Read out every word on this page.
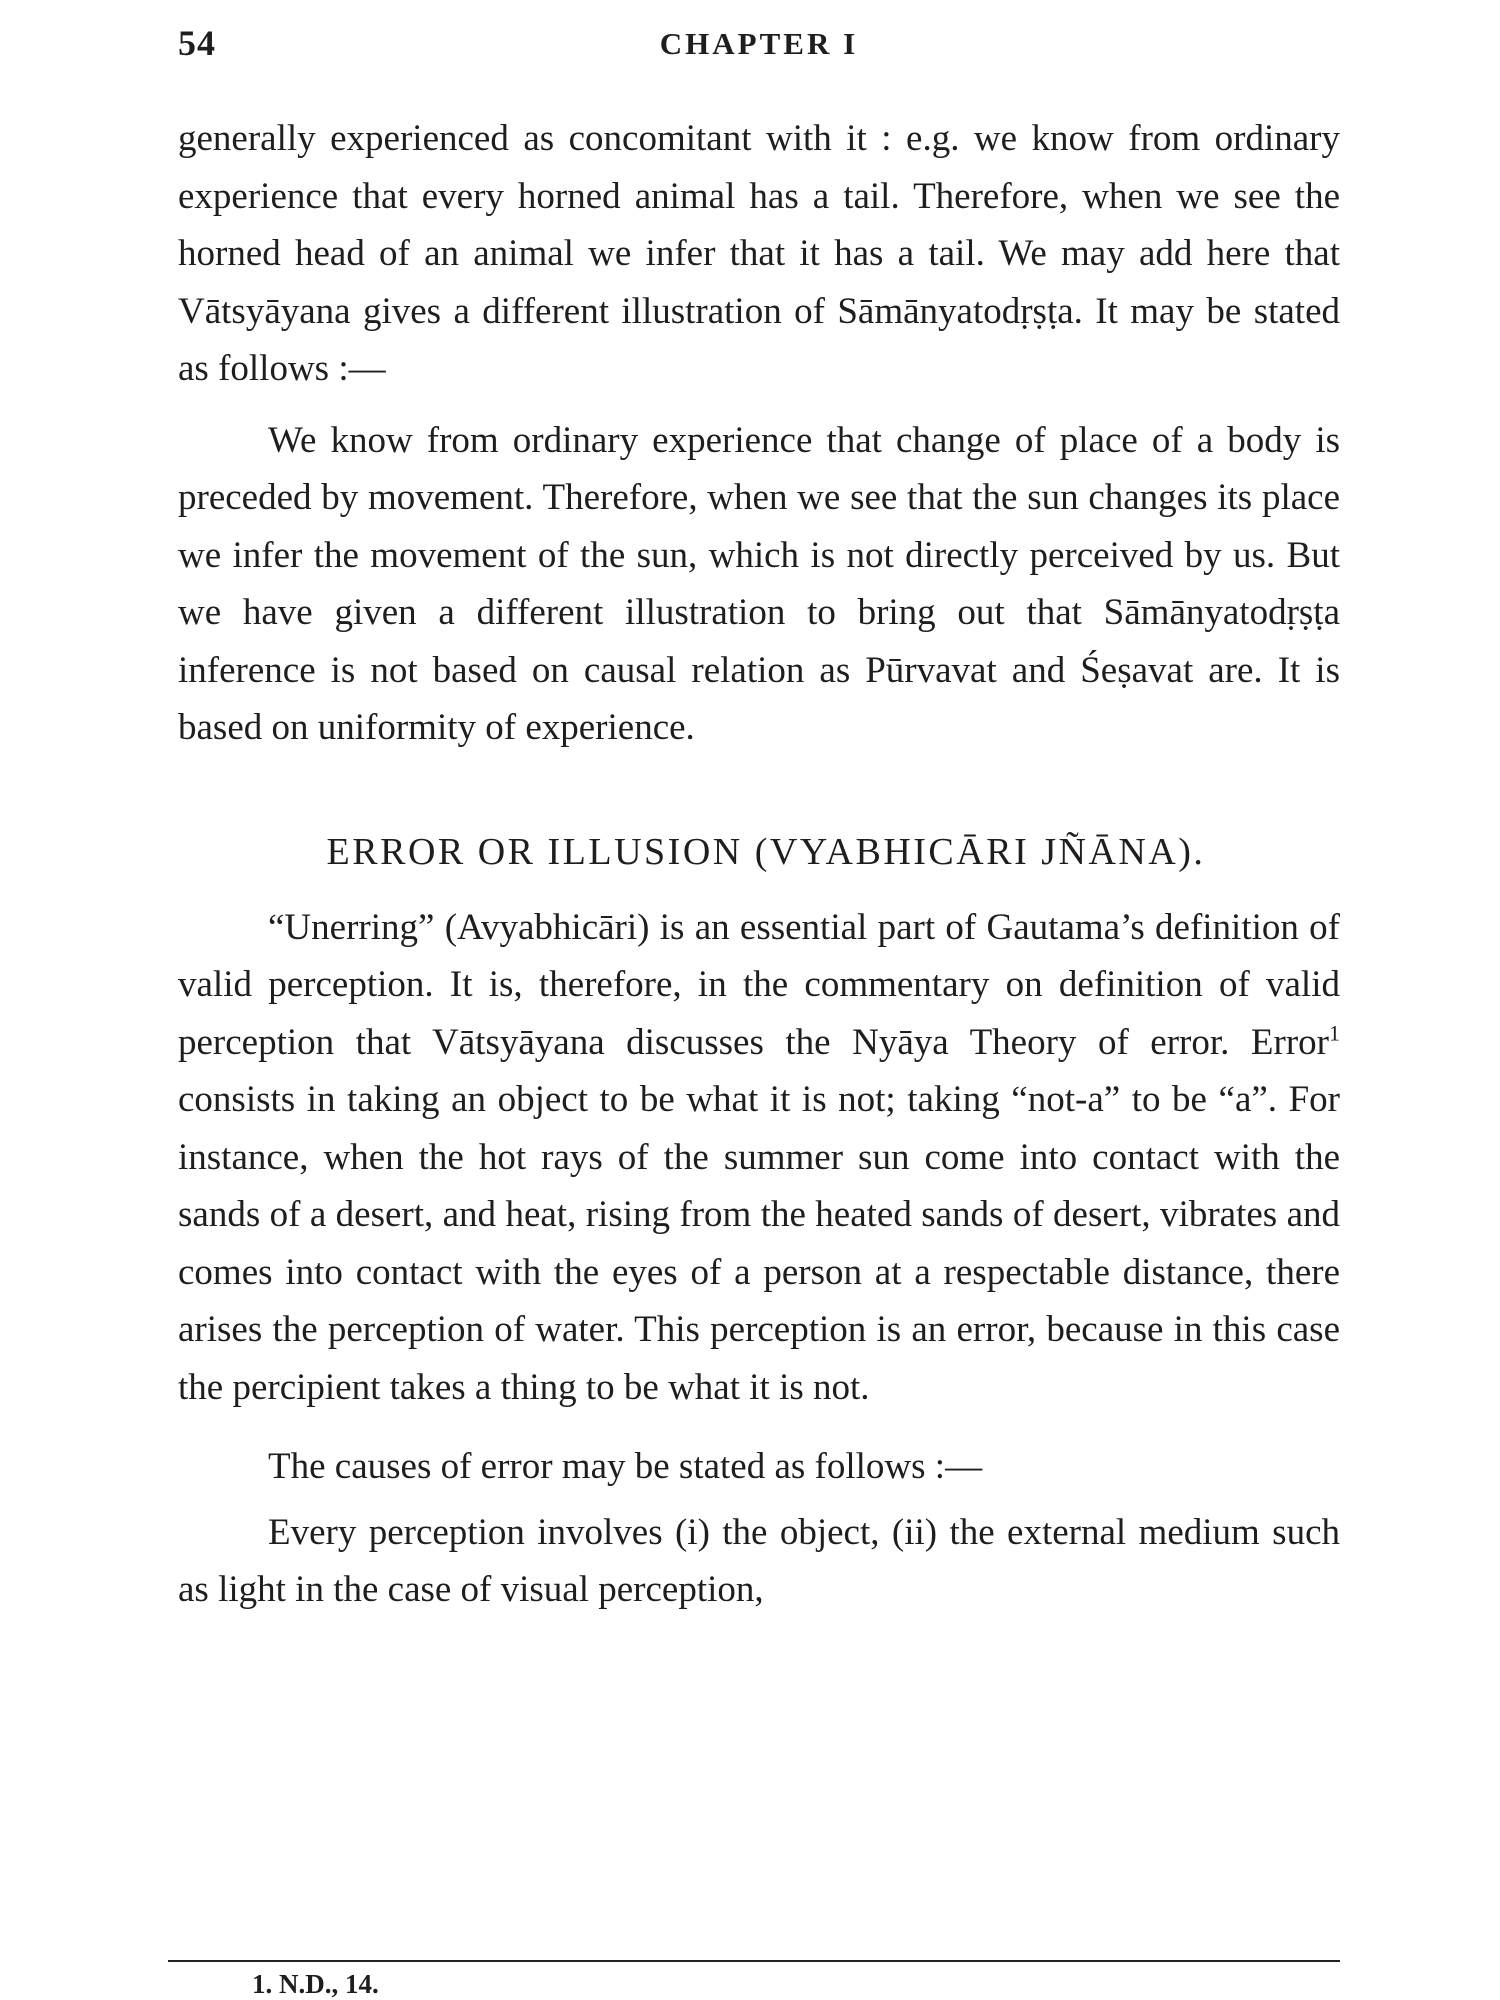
54	CHAPTER I

generally experienced as concomitant with it : e.g. we know from ordinary experience that every horned animal has a tail. Therefore, when we see the horned head of an animal we infer that it has a tail. We may add here that Vātsyāyana gives a different illustration of Sāmānyatodṛṣṭa. It may be stated as follows :—

We know from ordinary experience that change of place of a body is preceded by movement. Therefore, when we see that the sun changes its place we infer the movement of the sun, which is not directly perceived by us. But we have given a different illustration to bring out that Sāmānyatodṛṣṭa inference is not based on causal relation as Pūrvavat and Śeṣavat are. It is based on uniformity of experience.

ERROR OR ILLUSION (VYABHICĀRI JÑĀNA).

“Unerring” (Avyabhicāri) is an essential part of Gautama’s definition of valid perception. It is, therefore, in the commentary on definition of valid perception that Vātsyāyana discusses the Nyāya Theory of error. Error$^1$ consists in taking an object to be what it is not; taking “not-a” to be “a”. For instance, when the hot rays of the summer sun come into contact with the sands of a desert, and heat, rising from the heated sands of desert, vibrates and comes into contact with the eyes of a person at a respectable distance, there arises the perception of water. This perception is an error, because in this case the percipient takes a thing to be what it is not.

The causes of error may be stated as follows :—

Every perception involves (i) the object, (ii) the external medium such as light in the case of visual perception,

1. N.D., 14.
